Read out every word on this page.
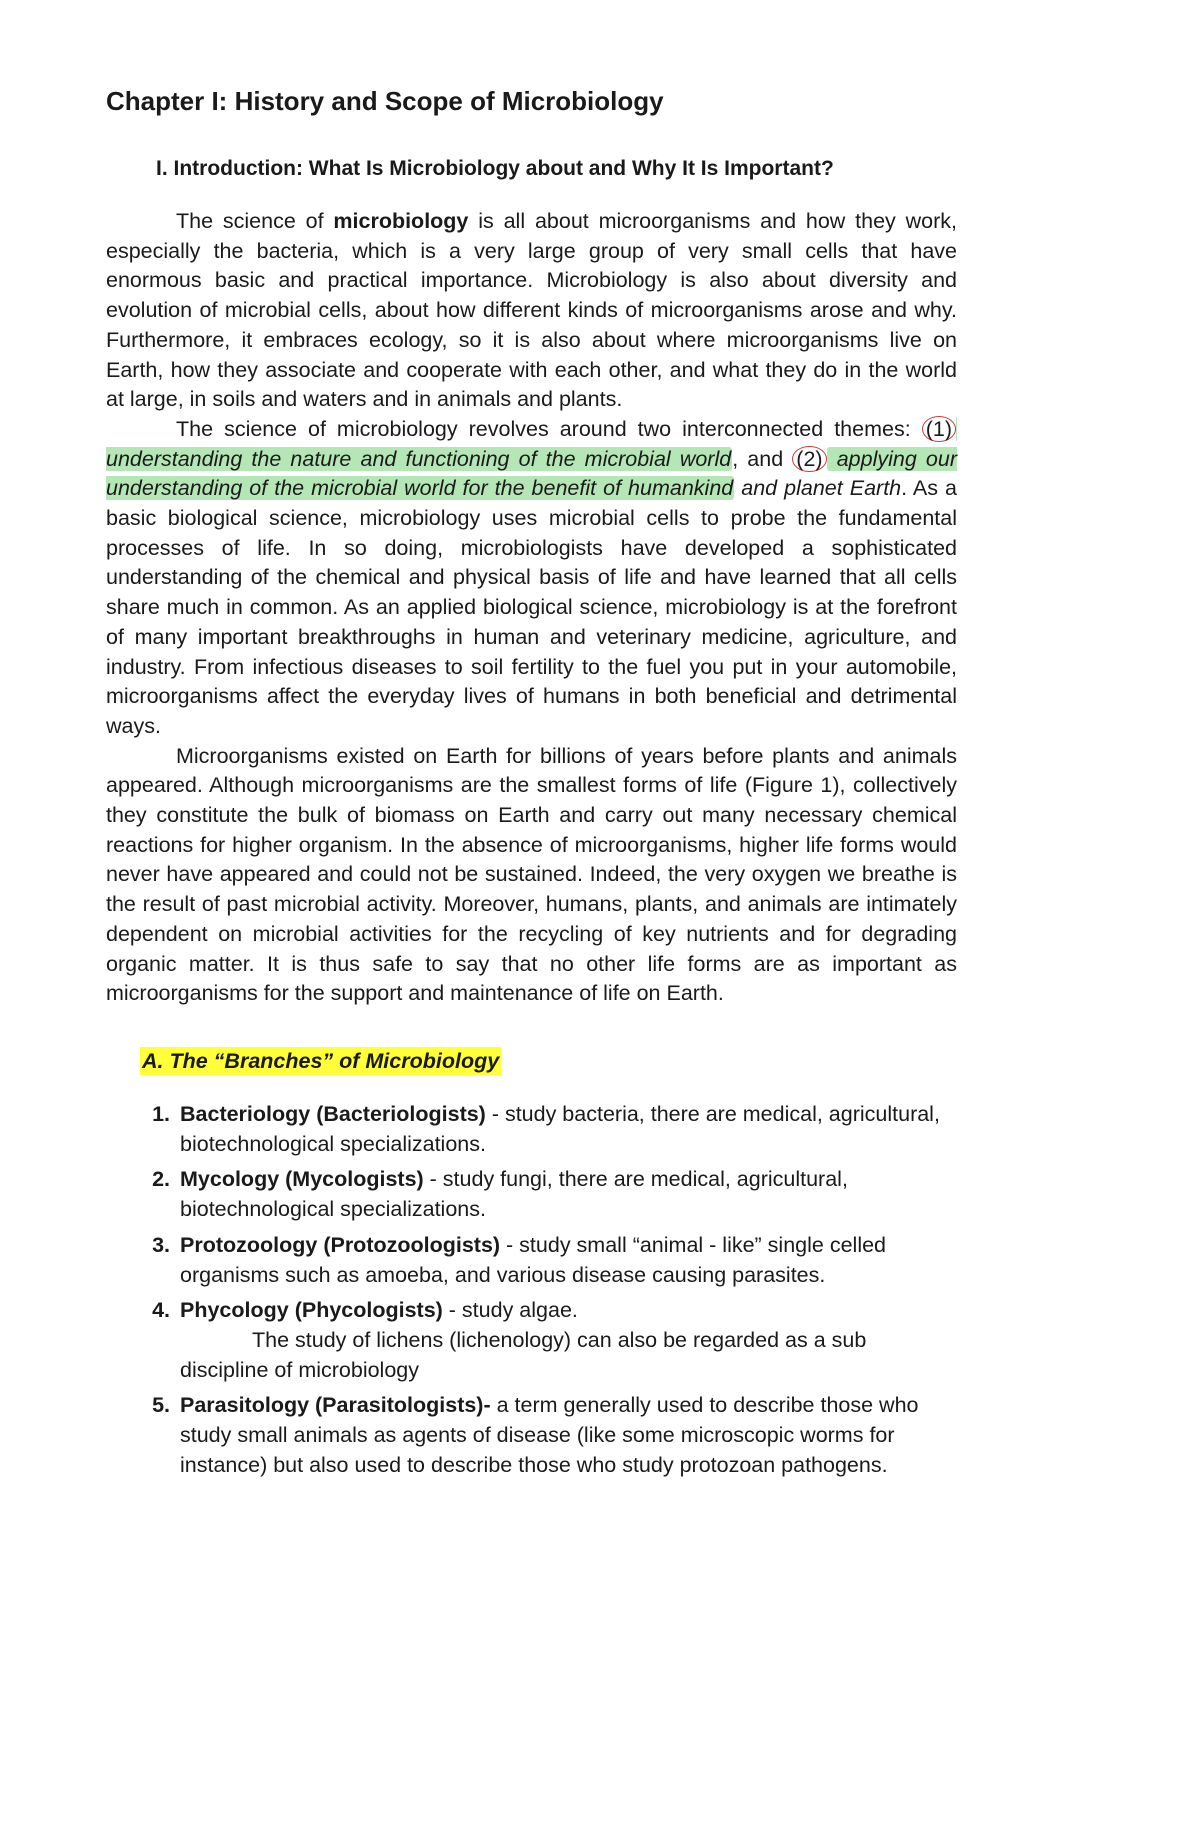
Chapter I: History and Scope of Microbiology
I. Introduction: What Is Microbiology about and Why It Is Important?

The science of microbiology is all about microorganisms and how they work, especially the bacteria, which is a very large group of very small cells that have enormous basic and practical importance. Microbiology is also about diversity and evolution of microbial cells, about how different kinds of microorganisms arose and why. Furthermore, it embraces ecology, so it is also about where microorganisms live on Earth, how they associate and cooperate with each other, and what they do in the world at large, in soils and waters and in animals and plants.

The science of microbiology revolves around two interconnected themes: (1) understanding the nature and functioning of the microbial world, and (2) applying our understanding of the microbial world for the benefit of humankind and planet Earth. As a basic biological science, microbiology uses microbial cells to probe the fundamental processes of life. In so doing, microbiologists have developed a sophisticated understanding of the chemical and physical basis of life and have learned that all cells share much in common. As an applied biological science, microbiology is at the forefront of many important breakthroughs in human and veterinary medicine, agriculture, and industry. From infectious diseases to soil fertility to the fuel you put in your automobile, microorganisms affect the everyday lives of humans in both beneficial and detrimental ways.

Microorganisms existed on Earth for billions of years before plants and animals appeared. Although microorganisms are the smallest forms of life (Figure 1), collectively they constitute the bulk of biomass on Earth and carry out many necessary chemical reactions for higher organism. In the absence of microorganisms, higher life forms would never have appeared and could not be sustained. Indeed, the very oxygen we breathe is the result of past microbial activity. Moreover, humans, plants, and animals are intimately dependent on microbial activities for the recycling of key nutrients and for degrading organic matter. It is thus safe to say that no other life forms are as important as microorganisms for the support and maintenance of life on Earth.

A. The “Branches” of Microbiology
1. Bacteriology (Bacteriologists) - study bacteria, there are medical, agricultural, biotechnological specializations.
2. Mycology (Mycologists) - study fungi, there are medical, agricultural, biotechnological specializations.
3. Protozoology (Protozoologists) - study small “animal - like” single celled organisms such as amoeba, and various disease causing parasites.
4. Phycology (Phycologists) - study algae.
The study of lichens (lichenology) can also be regarded as a sub discipline of microbiology
5. Parasitology (Parasitologists)- a term generally used to describe those who study small animals as agents of disease (like some microscopic worms for instance) but also used to describe those who study protozoan pathogens.
